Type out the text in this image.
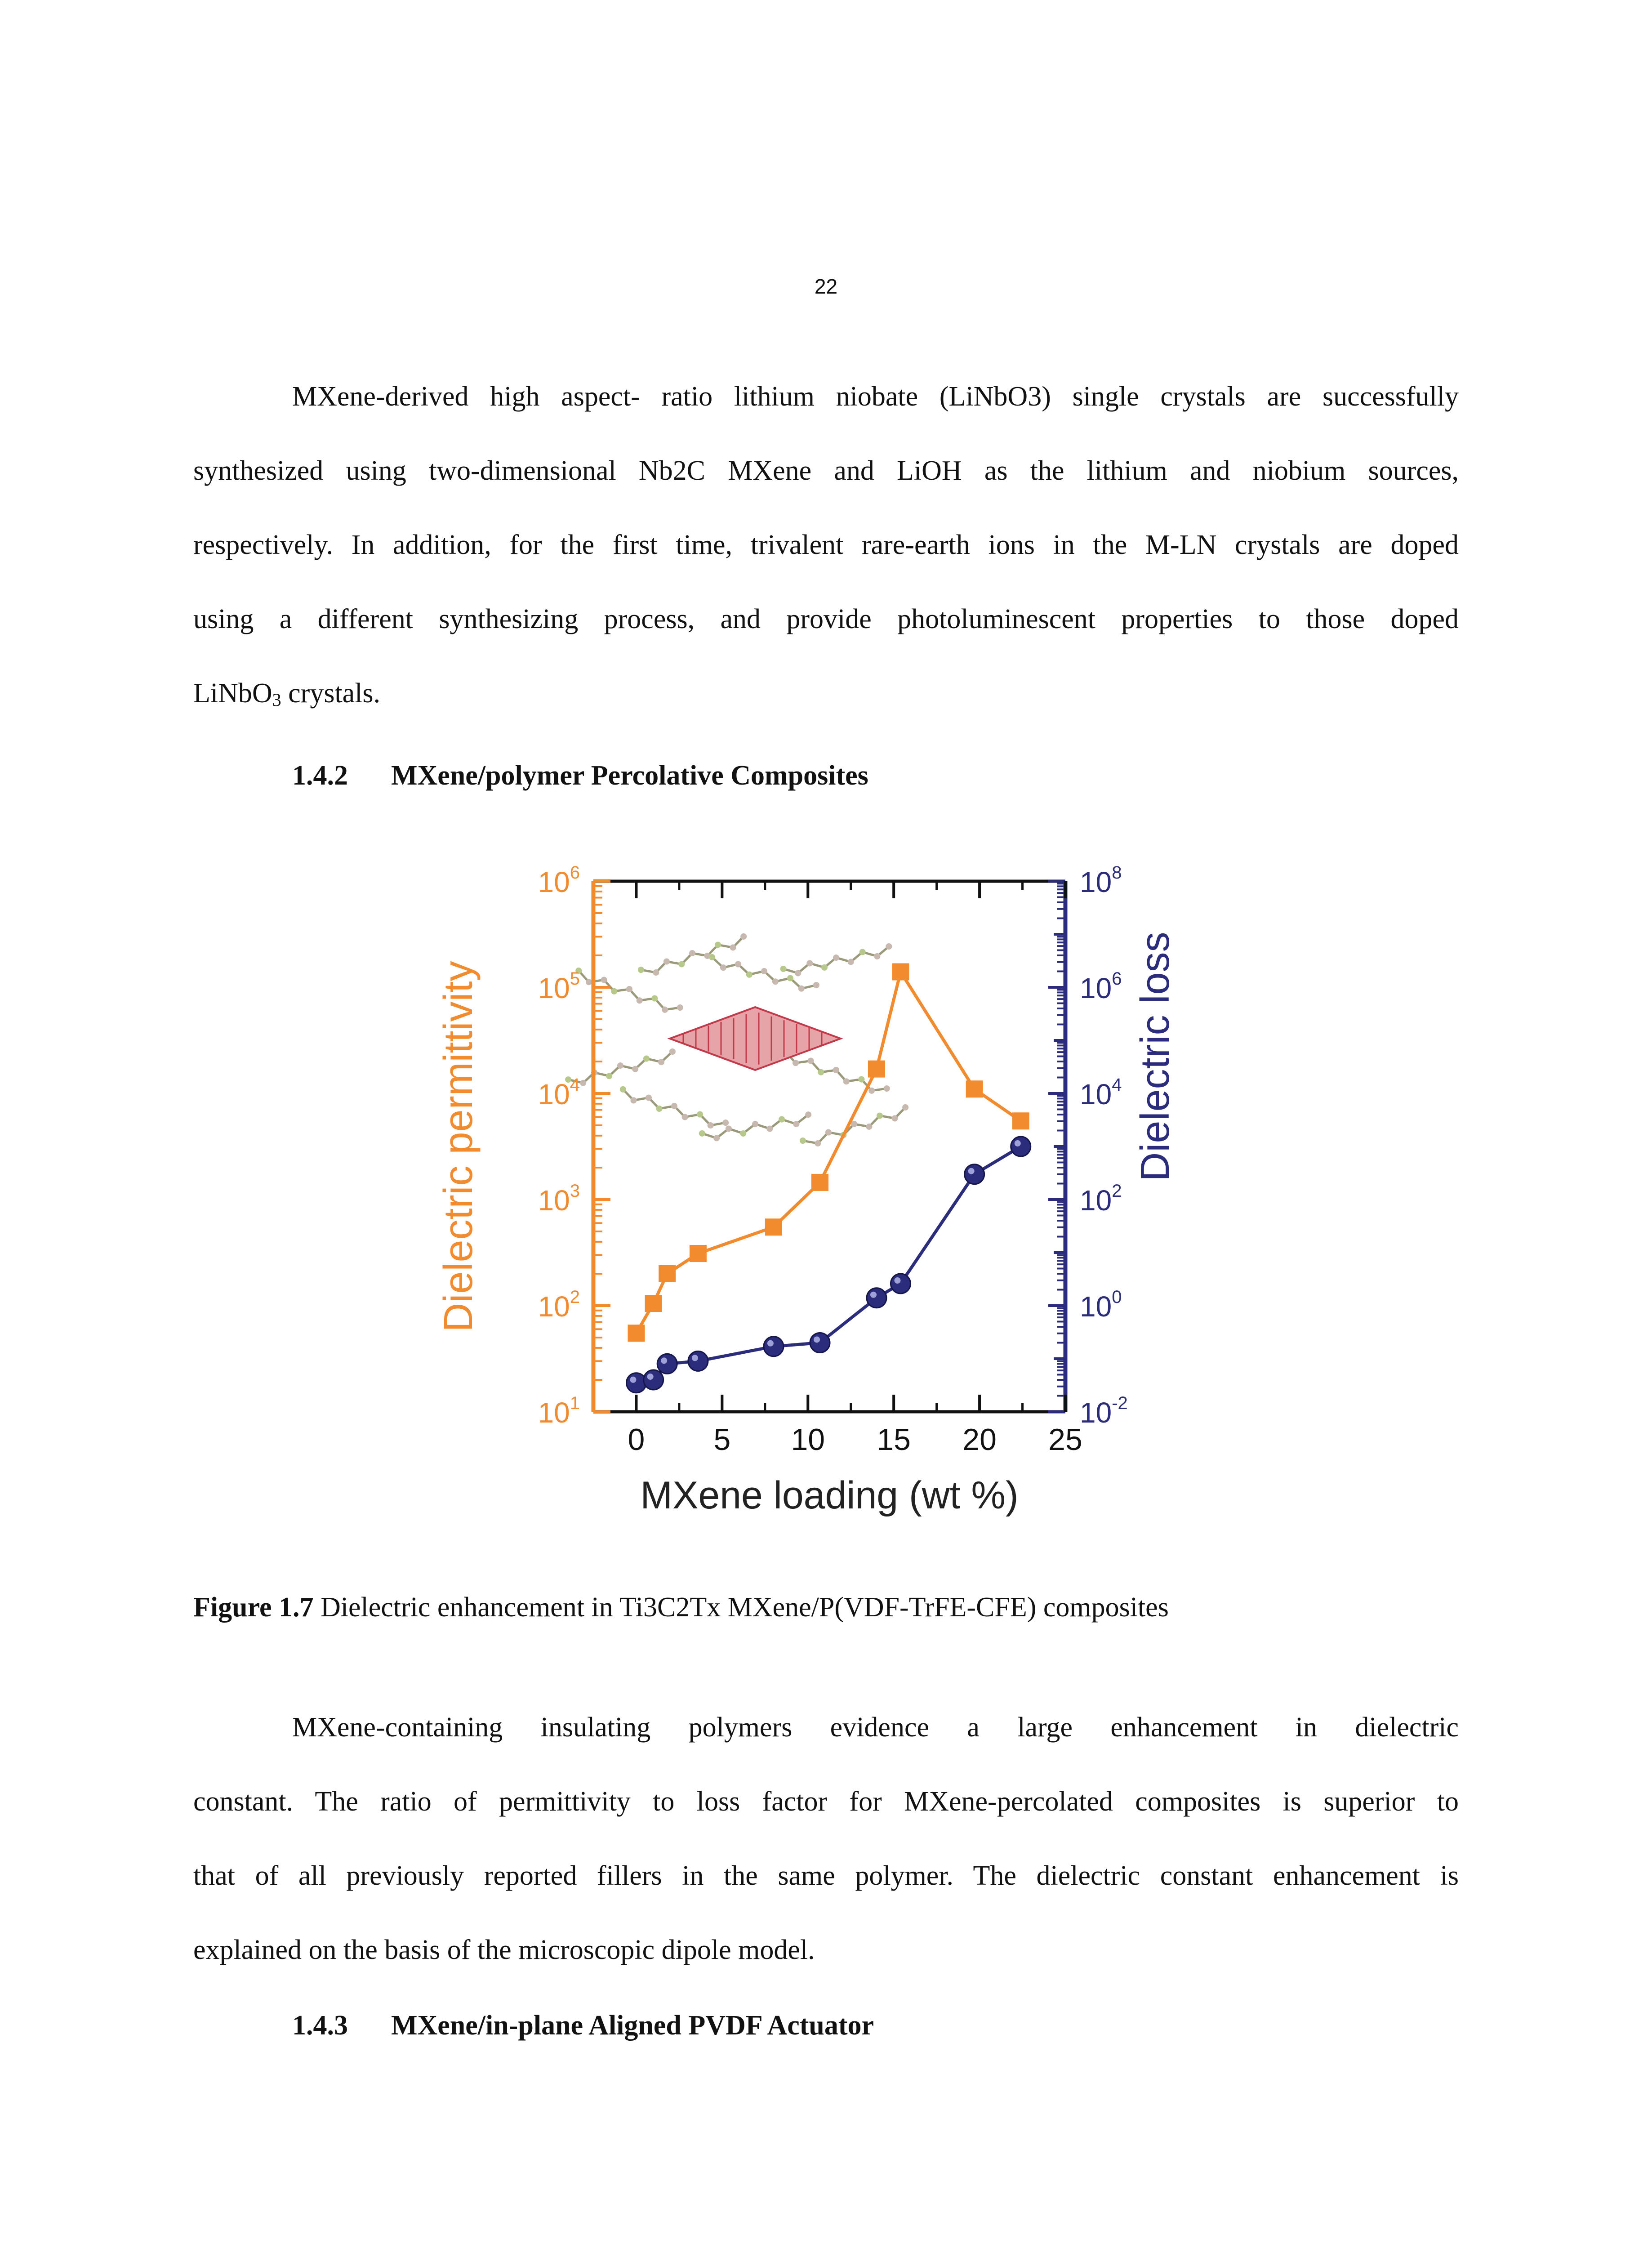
22

MXene-derived high aspect- ratio lithium niobate (LiNbO3) single crystals are successfully
synthesized using two-dimensional Nb2C MXene and LiOH as the lithium and niobium sources,
respectively. In addition, for the first time, trivalent rare-earth ions in the M-LN crystals are doped
using a different synthesizing process, and provide photoluminescent properties to those doped
LiNbO3 crystals.

1.4.2 MXene/polymer Percolative Composites

0 5 10 15 20 25
$10^1$
$10^2$
$10^3$
$10^4$
$10^5$
$10^6$
$10^{-2}$
$10^0$
$10^2$
$10^4$
$10^6$
$10^8$
MXene loading (wt %)
Dielectric permittivity	Dielectric loss

Figure 1.7 Dielectric enhancement in Ti3C2Tx MXene/P(VDF-TrFE-CFE) composites

MXene-containing insulating polymers evidence a large enhancement in dielectric
constant. The ratio of permittivity to loss factor for MXene-percolated composites is superior to
that of all previously reported fillers in the same polymer. The dielectric constant enhancement is
explained on the basis of the microscopic dipole model.

1.4.3 MXene/in-plane Aligned PVDF Actuator
